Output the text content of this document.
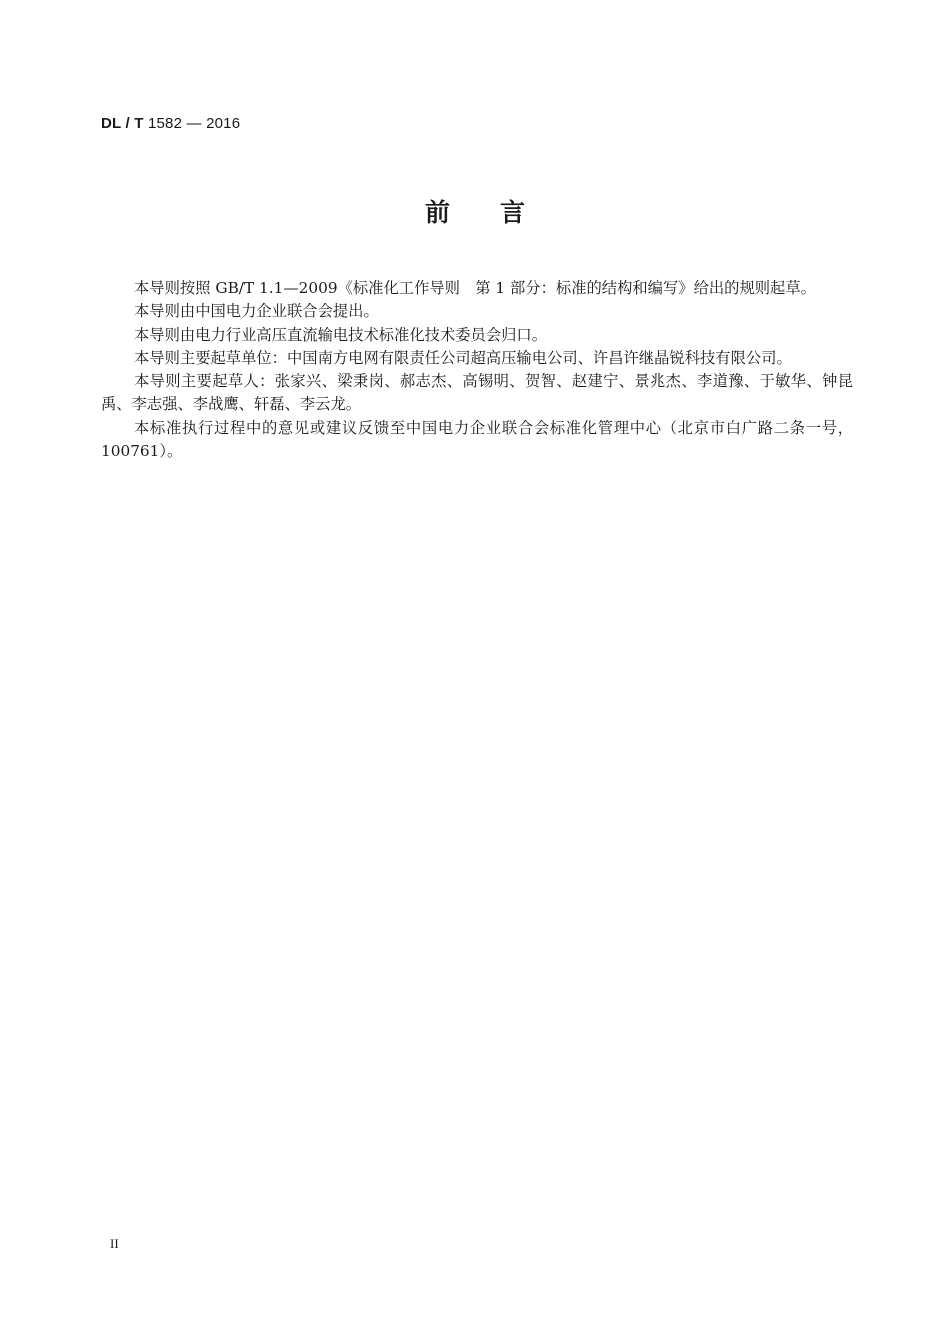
DL / T 1582 — 2016
前 言

本导则按照 GB/T 1.1—2009《标准化工作导则　第 1 部分：标准的结构和编写》给出的规则起草。

本导则由中国电力企业联合会提出。

本导则由电力行业高压直流输电技术标准化技术委员会归口。

本导则主要起草单位：中国南方电网有限责任公司超高压输电公司、许昌许继晶锐科技有限公司。

本导则主要起草人：张家兴、梁秉岗、郝志杰、高锡明、贺智、赵建宁、景兆杰、李道豫、于敏华、钟昆禹、李志强、李战鹰、轩磊、李云龙。

本标准执行过程中的意见或建议反馈至中国电力企业联合会标准化管理中心（北京市白广路二条一号，100761）。

II
